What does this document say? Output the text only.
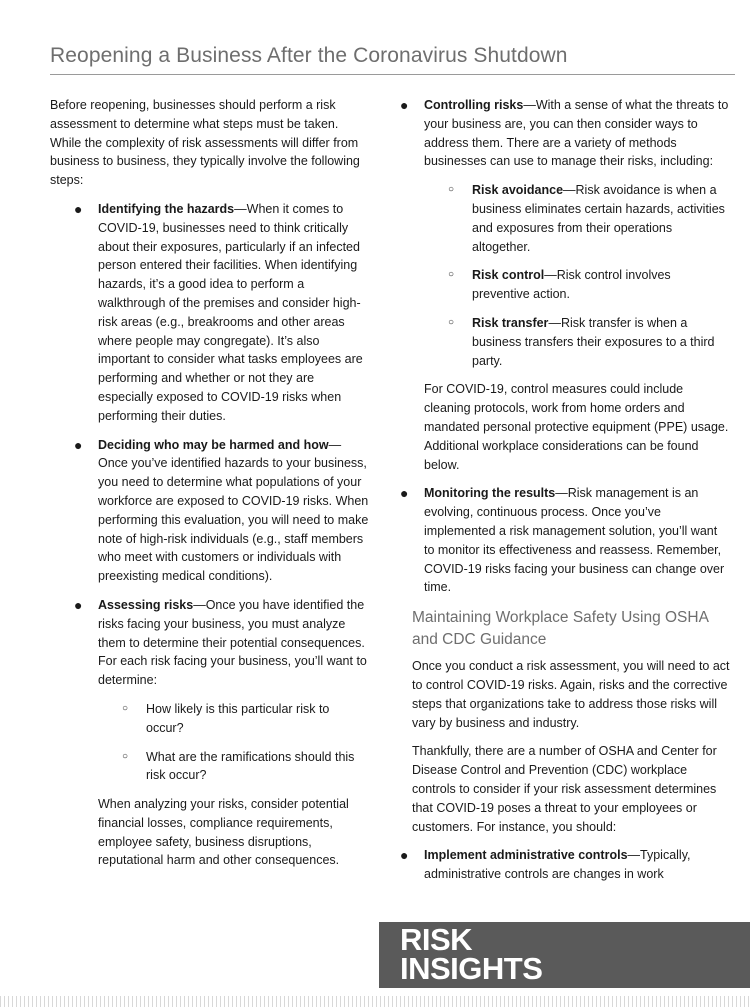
Reopening a Business After the Coronavirus Shutdown

Before reopening, businesses should perform a risk assessment to determine what steps must be taken. While the complexity of risk assessments will differ from business to business, they typically involve the following steps:

● Identifying the hazards—When it comes to COVID-19, businesses need to think critically about their exposures, particularly if an infected person entered their facilities. When identifying hazards, it’s a good idea to perform a walkthrough of the premises and consider high-risk areas (e.g., breakrooms and other areas where people may congregate). It’s also important to consider what tasks employees are performing and whether or not they are especially exposed to COVID-19 risks when performing their duties.
● Deciding who may be harmed and how—Once you’ve identified hazards to your business, you need to determine what populations of your workforce are exposed to COVID-19 risks. When performing this evaluation, you will need to make note of high-risk individuals (e.g., staff members who meet with customers or individuals with preexisting medical conditions).
● Assessing risks—Once you have identified the risks facing your business, you must analyze them to determine their potential consequences. For each risk facing your business, you’ll want to determine:
○ How likely is this particular risk to occur?
○ What are the ramifications should this risk occur?

When analyzing your risks, consider potential financial losses, compliance requirements, employee safety, business disruptions, reputational harm and other consequences.

● Controlling risks—With a sense of what the threats to your business are, you can then consider ways to address them. There are a variety of methods businesses can use to manage their risks, including:
○ Risk avoidance—Risk avoidance is when a business eliminates certain hazards, activities and exposures from their operations altogether.
○ Risk control—Risk control involves preventive action.
○ Risk transfer—Risk transfer is when a business transfers their exposures to a third party.

For COVID-19, control measures could include cleaning protocols, work from home orders and mandated personal protective equipment (PPE) usage. Additional workplace considerations can be found below.

● Monitoring the results—Risk management is an evolving, continuous process. Once you’ve implemented a risk management solution, you’ll want to monitor its effectiveness and reassess. Remember, COVID-19 risks facing your business can change over time.
Maintaining Workplace Safety Using OSHA and CDC Guidance

Once you conduct a risk assessment, you will need to act to control COVID-19 risks. Again, risks and the corrective steps that organizations take to address those risks will vary by business and industry.

Thankfully, there are a number of OSHA and Center for Disease Control and Prevention (CDC) workplace controls to consider if your risk assessment determines that COVID-19 poses a threat to your employees or customers. For instance, you should:

● Implement administrative controls—Typically, administrative controls are changes in work
RISK
INSIGHTS
